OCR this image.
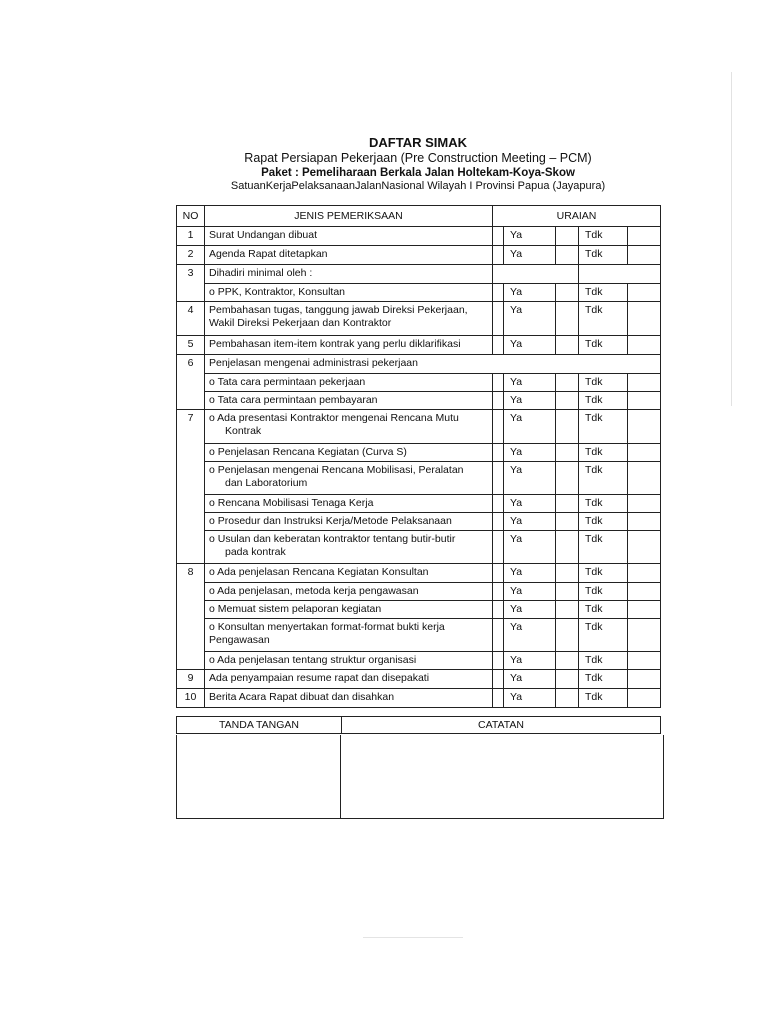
DAFTAR SIMAK
Rapat Persiapan Pekerjaan (Pre Construction Meeting – PCM)
Paket : Pemeliharaan Berkala Jalan Holtekam-Koya-Skow
SatuanKerjaPelaksanaanJalanNasional Wilayah I Provinsi Papua (Jayapura)
NO	JENIS PEMERIKSAAN	URAIAN				
1	Surat Undangan dibuat		Ya		Tdk	
2	Agenda Rapat ditetapkan		Ya		Tdk	
3	Dihadiri minimal oleh :					
	o PPK, Kontraktor, Konsultan		Ya		Tdk	
4	Pembahasan tugas, tanggung jawab Direksi Pekerjaan, Wakil Direksi Pekerjaan dan Kontraktor		Ya		Tdk	
5	Pembahasan item-item kontrak yang perlu diklarifikasi		Ya		Tdk	
6	Penjelasan mengenai administrasi pekerjaan					
	o Tata cara permintaan pekerjaan		Ya		Tdk	
	o Tata cara permintaan pembayaran		Ya		Tdk	
7	o Ada presentasi Kontraktor mengenai Rencana Mutu
Kontrak		Ya		Tdk	
	o Penjelasan Rencana Kegiatan (Curva S)		Ya		Tdk	
	o Penjelasan mengenai Rencana Mobilisasi, Peralatan
dan Laboratorium		Ya		Tdk	
	o Rencana Mobilisasi Tenaga Kerja		Ya		Tdk	
	o Prosedur dan Instruksi Kerja/Metode Pelaksanaan		Ya		Tdk	
	o Usulan dan keberatan kontraktor tentang butir-butir
pada kontrak		Ya		Tdk	
8	o Ada penjelasan Rencana Kegiatan Konsultan		Ya		Tdk	
	o Ada penjelasan, metoda kerja pengawasan		Ya		Tdk	
	o Memuat sistem pelaporan kegiatan		Ya		Tdk	
	o Konsultan menyertakan format-format bukti kerja Pengawasan		Ya		Tdk	
	o Ada penjelasan tentang struktur organisasi		Ya		Tdk	
9	Ada penyampaian resume rapat dan disepakati		Ya		Tdk	
10	Berita Acara Rapat dibuat dan disahkan		Ya		Tdk	
TANDA TANGAN	CATATAN
